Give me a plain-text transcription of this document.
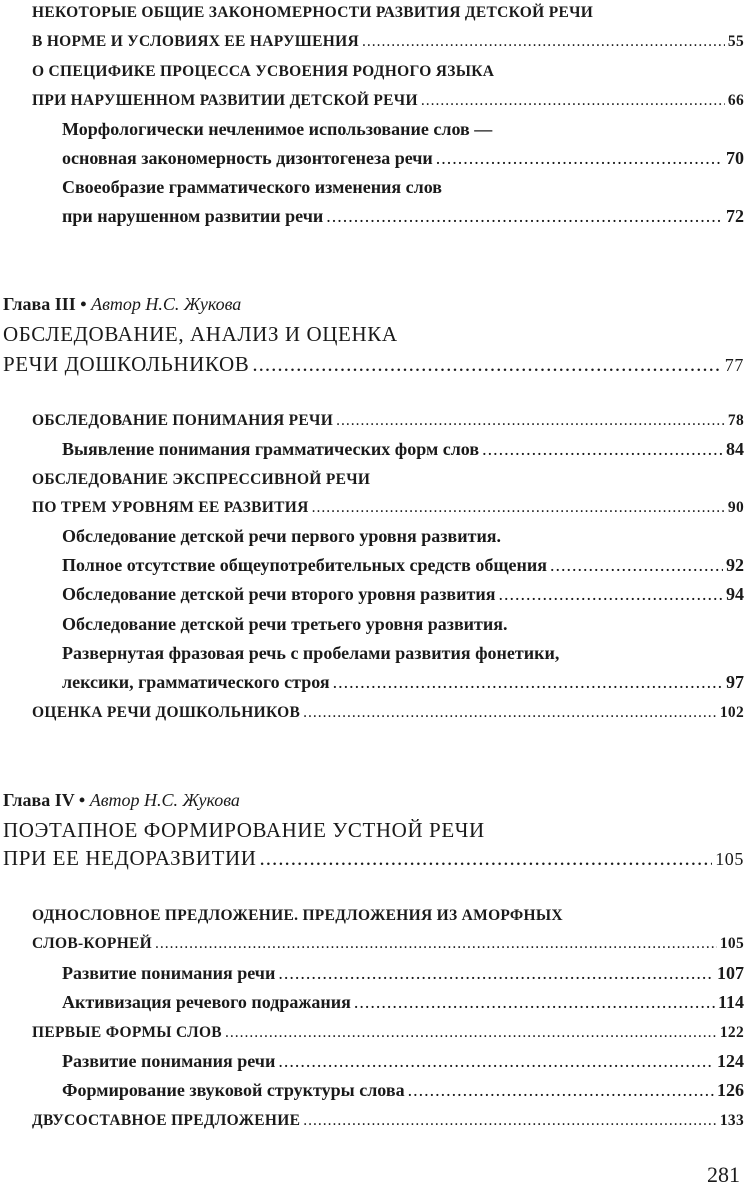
НЕКОТОРЫЕ ОБЩИЕ ЗАКОНОМЕРНОСТИ РАЗВИТИЯ ДЕТСКОЙ РЕЧИ
В НОРМЕ И УСЛОВИЯХ ЕЕ НАРУШЕНИЯ .....	55
О СПЕЦИФИКЕ ПРОЦЕССА УСВОЕНИЯ РОДНОГО ЯЗЫКА
ПРИ НАРУШЕННОМ РАЗВИТИИ ДЕТСКОЙ РЕЧИ .....	66
Морфологически нечленимое использование слов —
основная закономерность дизонтогенеза речи .....	70
Своеобразие грамматического изменения слов
при нарушенном развитии речи .....	72
Глава III • Автор Н.С. Жукова
ОБСЛЕДОВАНИЕ, АНАЛИЗ И ОЦЕНКА
РЕЧИ ДОШКОЛЬНИКОВ .....	77
ОБСЛЕДОВАНИЕ ПОНИМАНИЯ РЕЧИ .....	78
Выявление понимания грамматических форм слов .....	84
ОБСЛЕДОВАНИЕ ЭКСПРЕССИВНОЙ РЕЧИ
ПО ТРЕМ УРОВНЯМ ЕЕ РАЗВИТИЯ .....	90
Обследование детской речи первого уровня развития.
Полное отсутствие общеупотребительных средств общения .....	92
Обследование детской речи второго уровня развития .....	94
Обследование детской речи третьего уровня развития.
Развернутая фразовая речь с пробелами развития фонетики,
лексики, грамматического строя .....	97
ОЦЕНКА РЕЧИ ДОШКОЛЬНИКОВ .....	102
Глава IV • Автор Н.С. Жукова
ПОЭТАПНОЕ ФОРМИРОВАНИЕ УСТНОЙ РЕЧИ
ПРИ ЕЕ НЕДОРАЗВИТИИ .....	105
ОДНОСЛОВНОЕ ПРЕДЛОЖЕНИЕ. ПРЕДЛОЖЕНИЯ ИЗ АМОРФНЫХ
СЛОВ-КОРНЕЙ .....	105
Развитие понимания речи .....	107
Активизация речевого подражания .....	114
ПЕРВЫЕ ФОРМЫ СЛОВ .....	122
Развитие понимания речи .....	124
Формирование звуковой структуры слова .....	126
ДВУСОСТАВНОЕ ПРЕДЛОЖЕНИЕ .....	133
281
